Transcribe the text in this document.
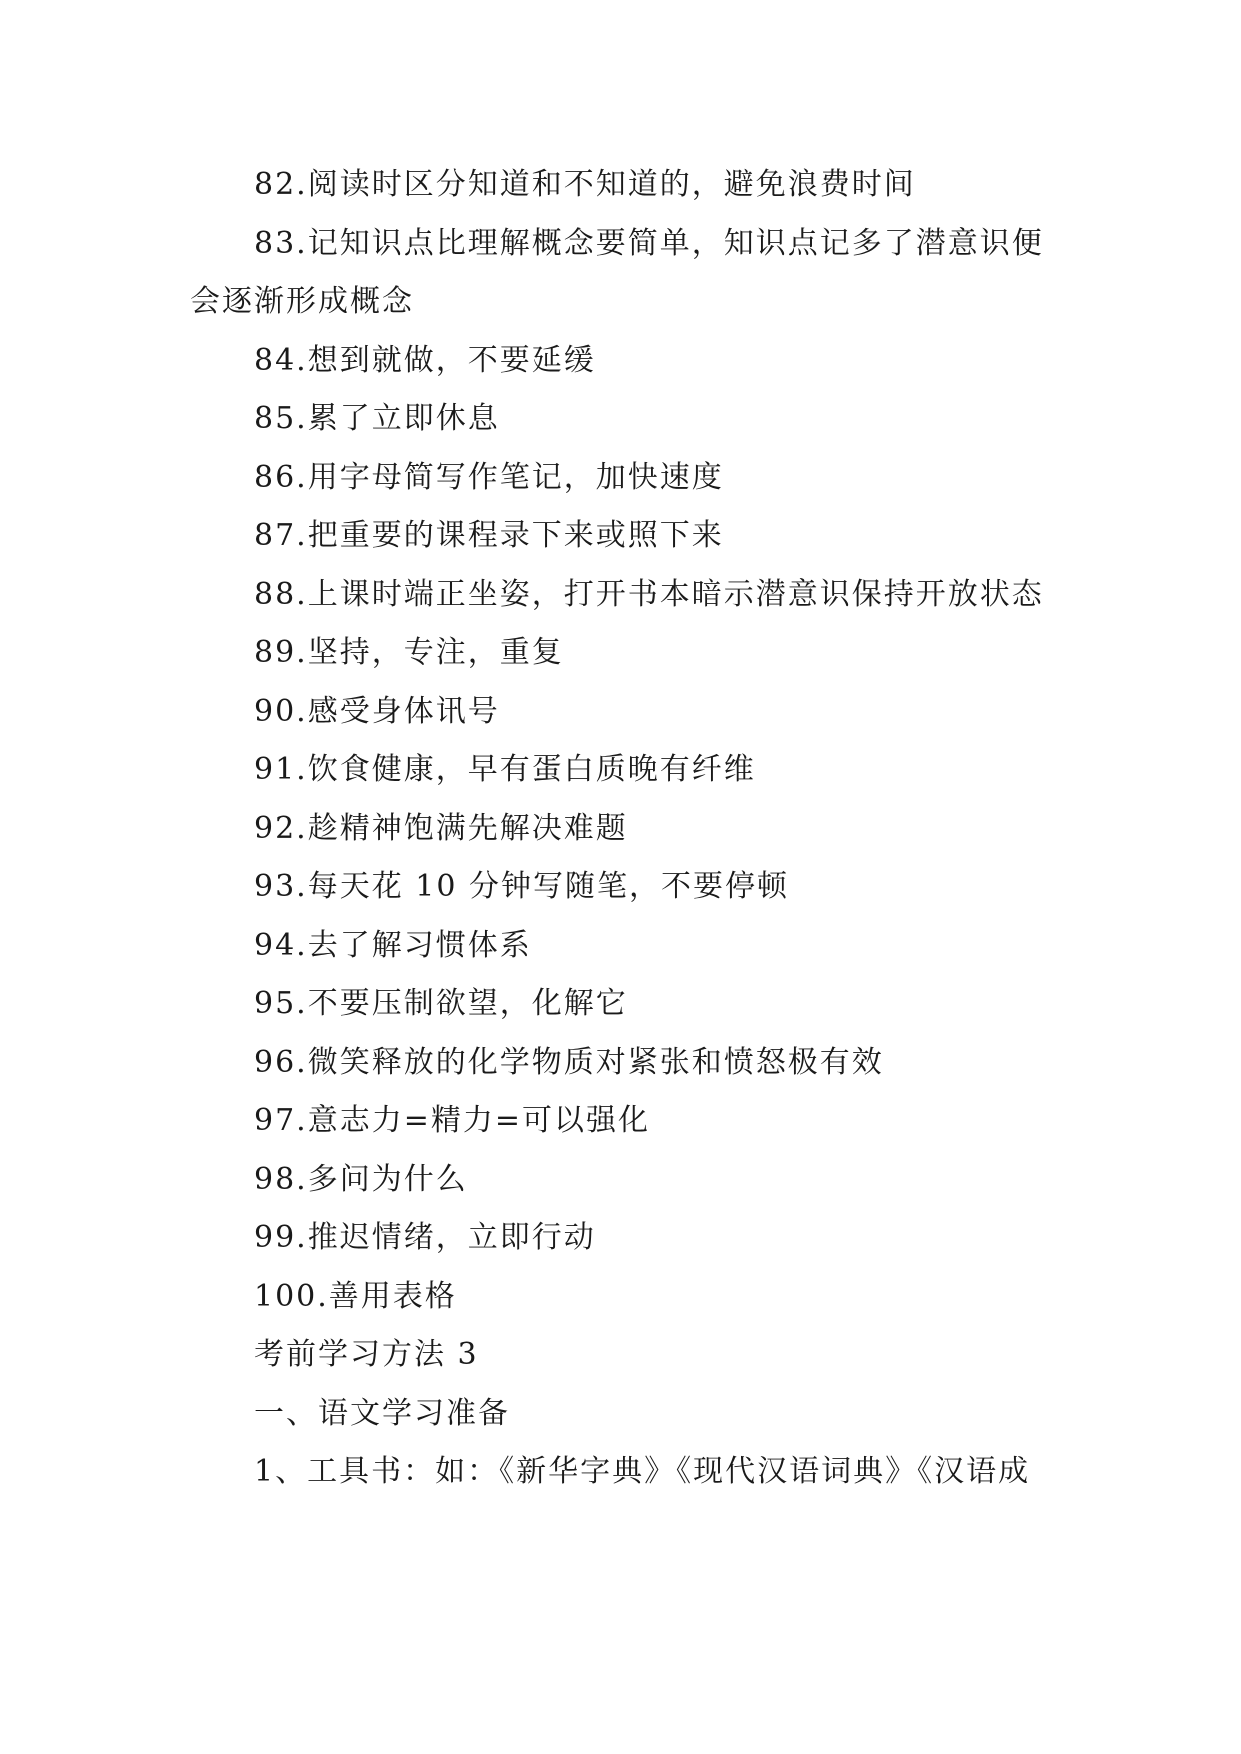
82.阅读时区分知道和不知道的，避免浪费时间

83.记知识点比理解概念要简单，知识点记多了潜意识便会逐渐形成概念

84.想到就做，不要延缓

85.累了立即休息

86.用字母简写作笔记，加快速度

87.把重要的课程录下来或照下来

88.上课时端正坐姿，打开书本暗示潜意识保持开放状态

89.坚持，专注，重复

90.感受身体讯号

91.饮食健康，早有蛋白质晚有纤维

92.趁精神饱满先解决难题

93.每天花 10 分钟写随笔，不要停顿

94.去了解习惯体系

95.不要压制欲望，化解它

96.微笑释放的化学物质对紧张和愤怒极有效

97.意志力=精力=可以强化

98.多问为什么

99.推迟情绪，立即行动

100.善用表格

考前学习方法 3

一、语文学习准备

1、工具书：如：《新华字典》《现代汉语词典》《汉语成
